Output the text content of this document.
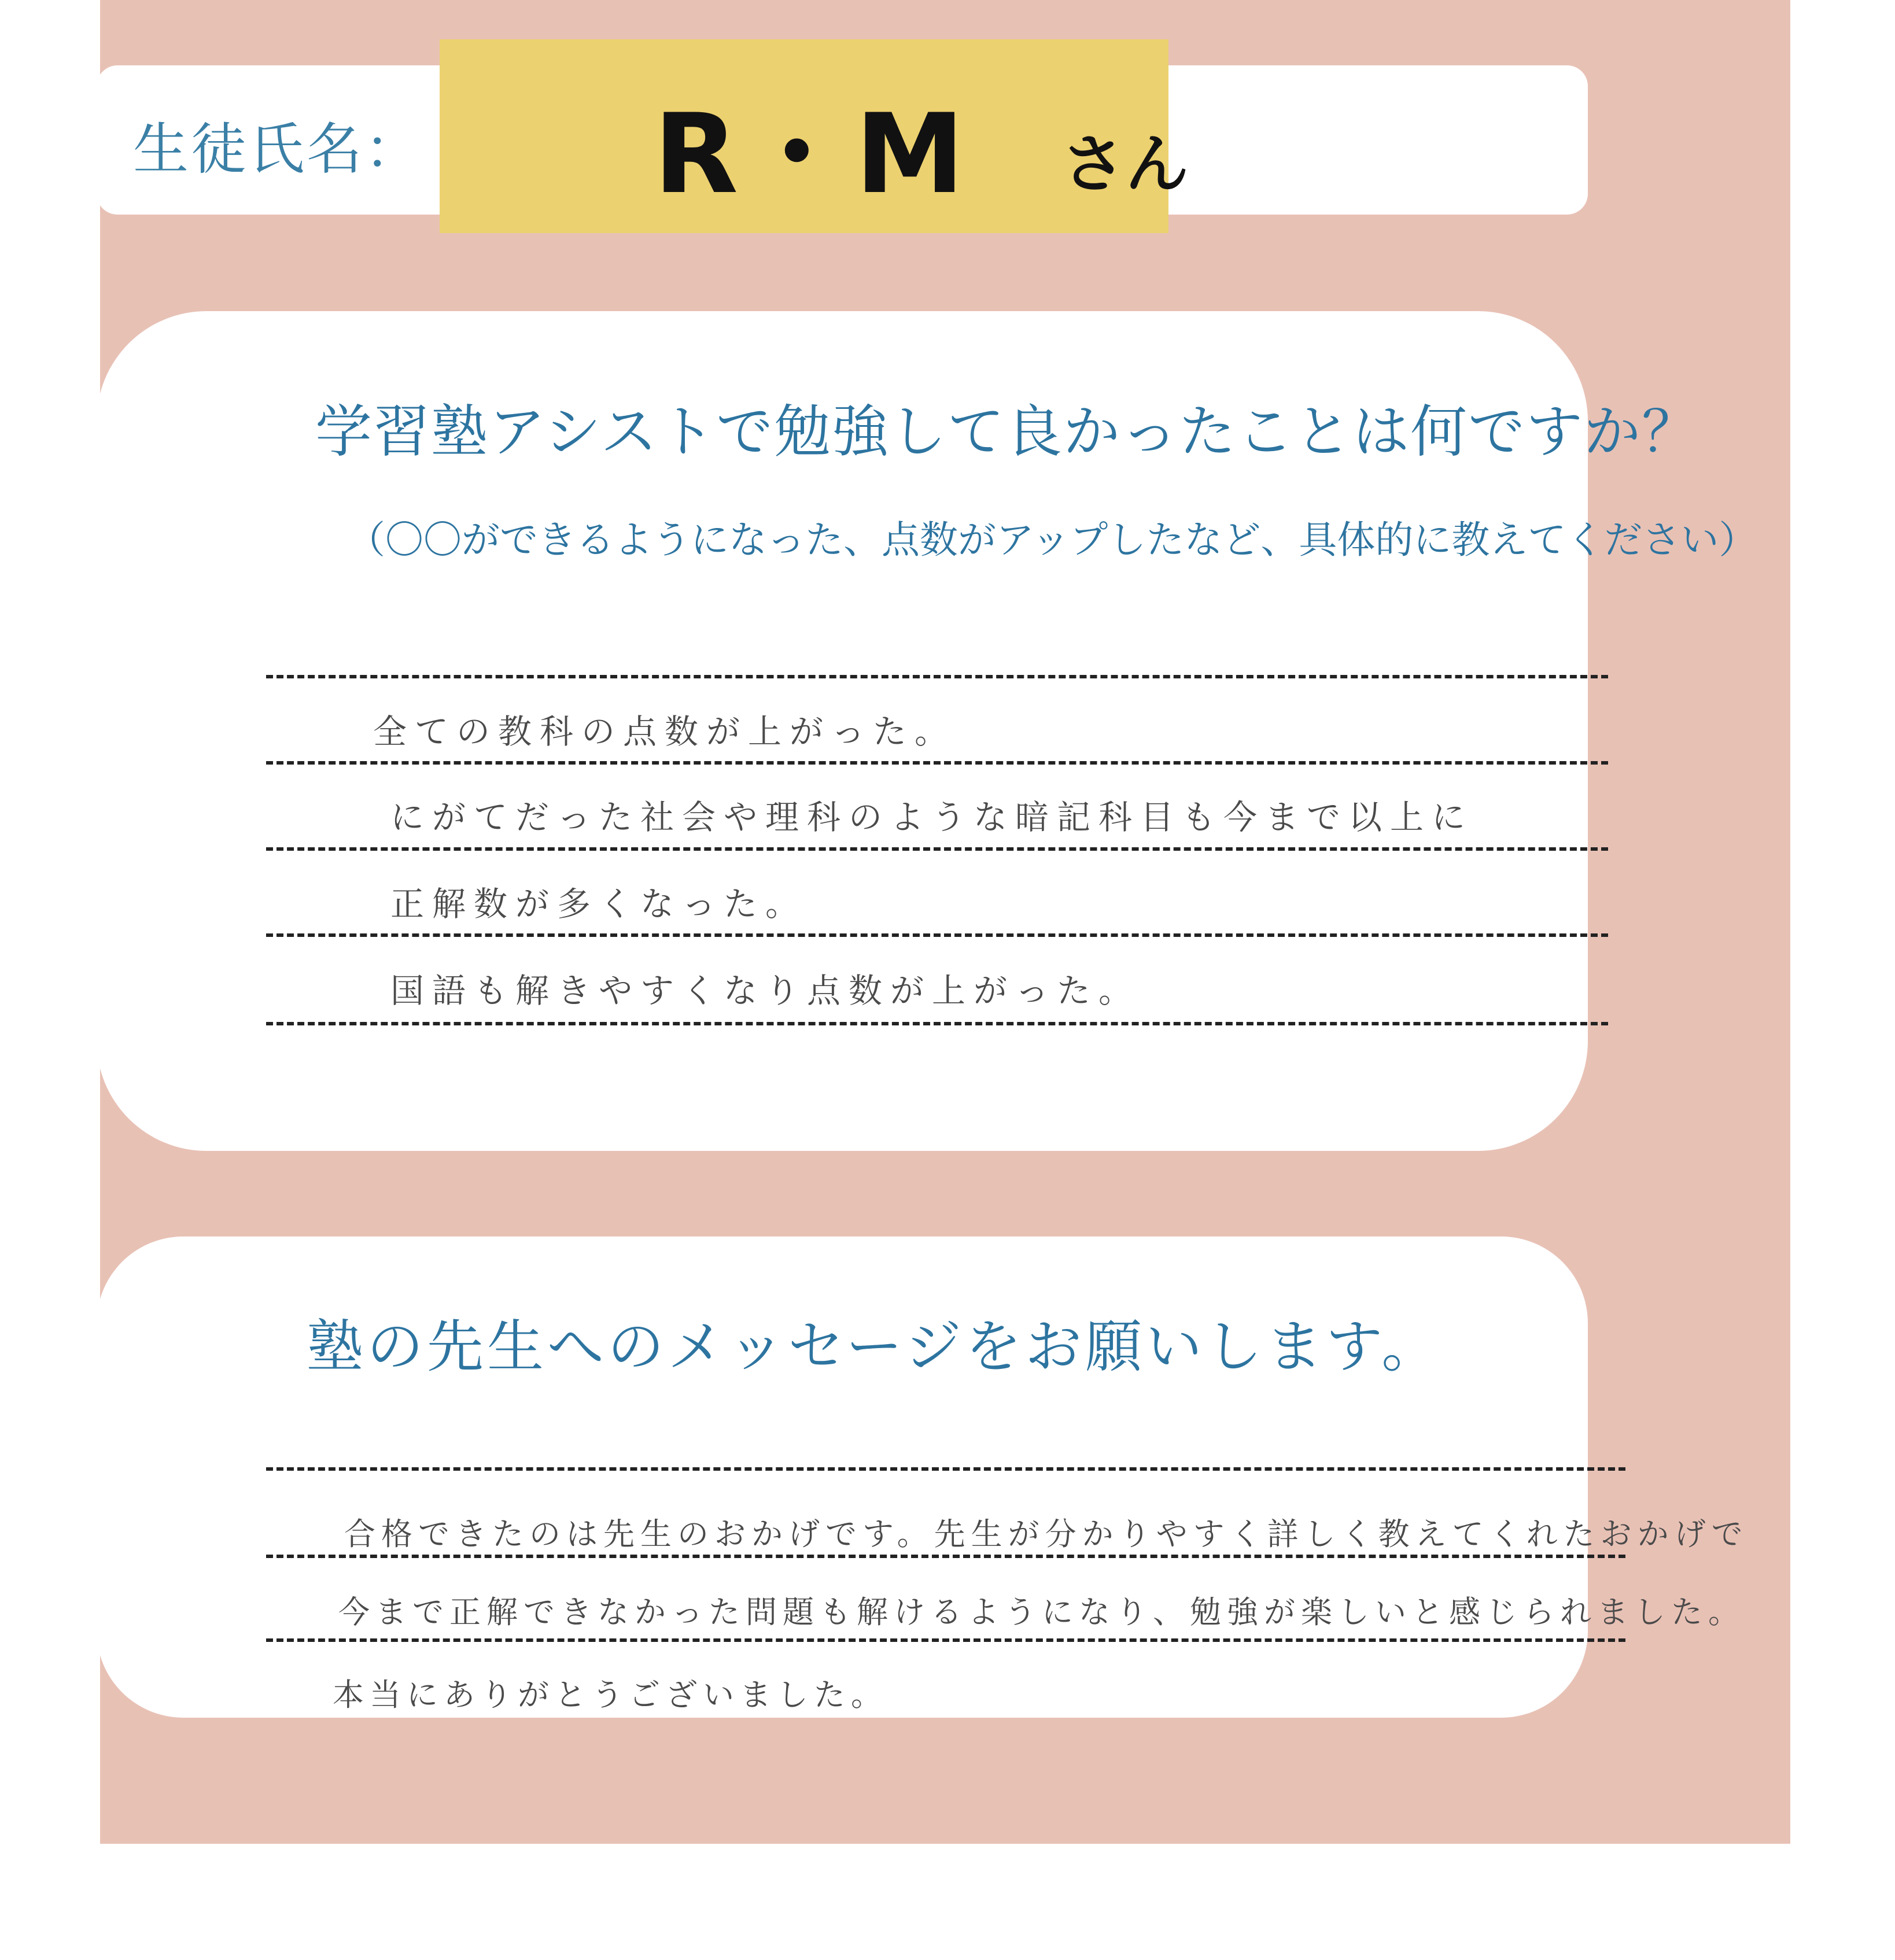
生徒氏名： R・M さん
学習塾アシストで勉強して良かったことは何ですか？
（〇〇ができるようになった、点数がアップしたなど、具体的に教えてください）
全ての教科の点数が上がった。
にがてだった社会や理科のような暗記科目も今まで以上に
正解数が多くなった。
国語も解きやすくなり点数が上がった。
塾の先生へのメッセージをお願いします。
合格できたのは先生のおかげです。先生が分かりやすく詳しく教えてくれたおかげで
今まで正解できなかった問題も解けるようになり、勉強が楽しいと感じられました。
本当にありがとうございました。
